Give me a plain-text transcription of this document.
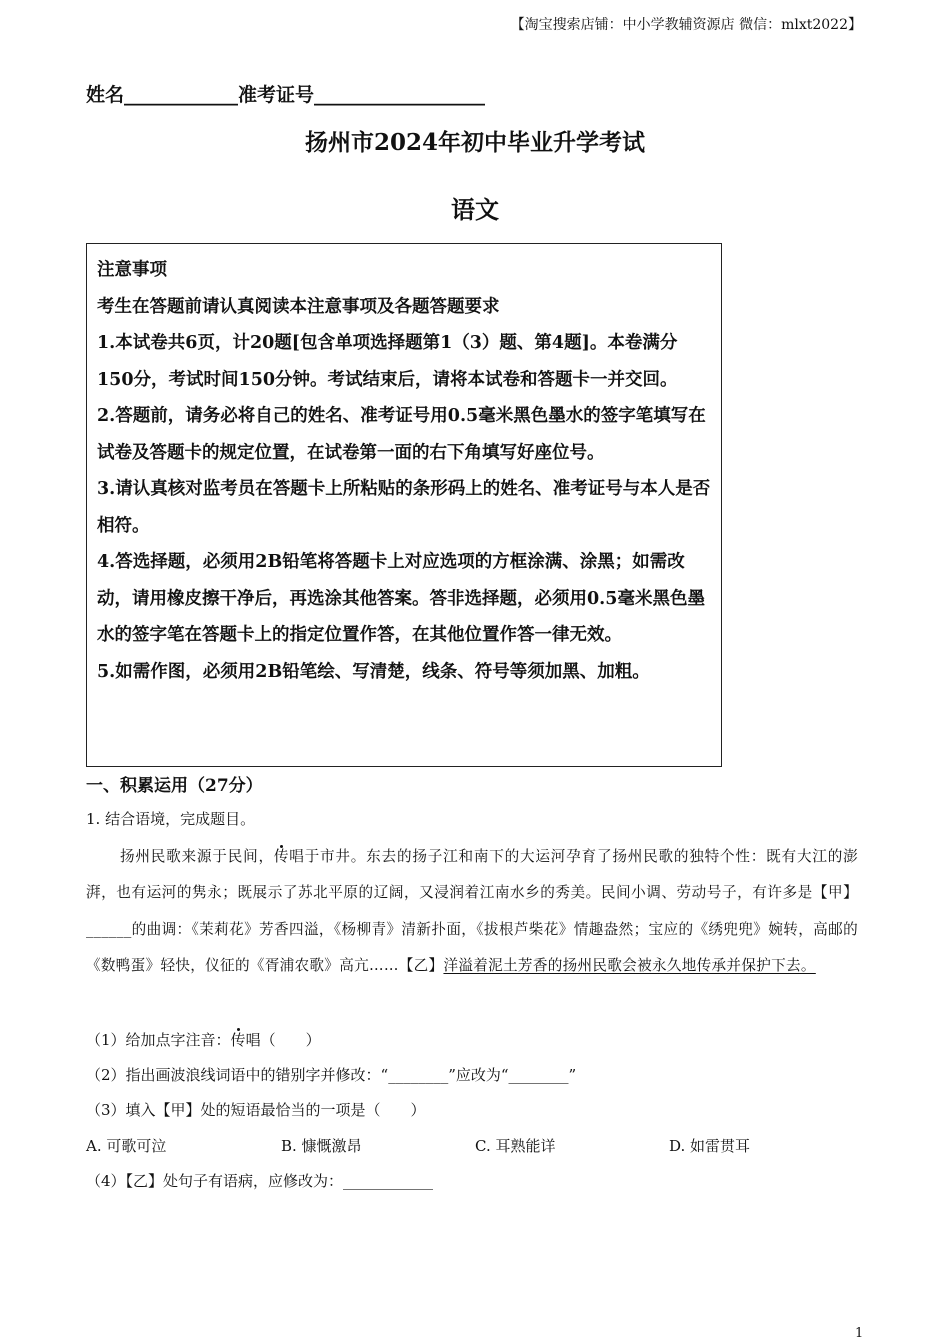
【淘宝搜索店铺：中小学教辅资源店 微信：mlxt2022】
姓名____________准考证号__________________
扬州市2024年初中毕业升学考试
语文

注意事项

考生在答题前请认真阅读本注意事项及各题答题要求

1.本试卷共6页，计20题[包含单项选择题第1（3）题、第4题]。本卷满分150分，考试时间150分钟。考试结束后，请将本试卷和答题卡一并交回。

2.答题前，请务必将自己的姓名、准考证号用0.5毫米黑色墨水的签字笔填写在试卷及答题卡的规定位置，在试卷第一面的右下角填写好座位号。

3.请认真核对监考员在答题卡上所粘贴的条形码上的姓名、准考证号与本人是否相符。

4.答选择题，必须用2B铅笔将答题卡上对应选项的方框涂满、涂黑；如需改动，请用橡皮擦干净后，再选涂其他答案。答非选择题，必须用0.5毫米黑色墨水的签字笔在答题卡上的指定位置作答，在其他位置作答一律无效。

5.如需作图，必须用2B铅笔绘、写清楚，线条、符号等须加黑、加粗。

一、积累运用（27分）
1. 结合语境，完成题目。

扬州民歌来源于民间，传唱于市井。东去的扬子江和南下的大运河孕育了扬州民歌的独特个性：既有大江的澎湃，也有运河的隽永；既展示了苏北平原的辽阔，又浸润着江南水乡的秀美。民间小调、劳动号子，有许多是【甲】______的曲调：《茉莉花》芳香四溢，《杨柳青》清新扑面，《拔根芦柴花》情趣盎然；宝应的《绣兜兜》婉转，高邮的《数鸭蛋》轻快，仪征的《胥浦农歌》高亢……【乙】洋溢着泥土芳香的扬州民歌会被永久地传承并保护下去。

（1）给加点字注音：传唱（　　）
（2）指出画波浪线词语中的错别字并修改：“________”应改为“________”
（3）填入【甲】处的短语最恰当的一项是（　　）
A. 可歌可泣	B. 慷慨激昂	C. 耳熟能详	D. 如雷贯耳
（4）【乙】处句子有语病，应修改为：____________
1
